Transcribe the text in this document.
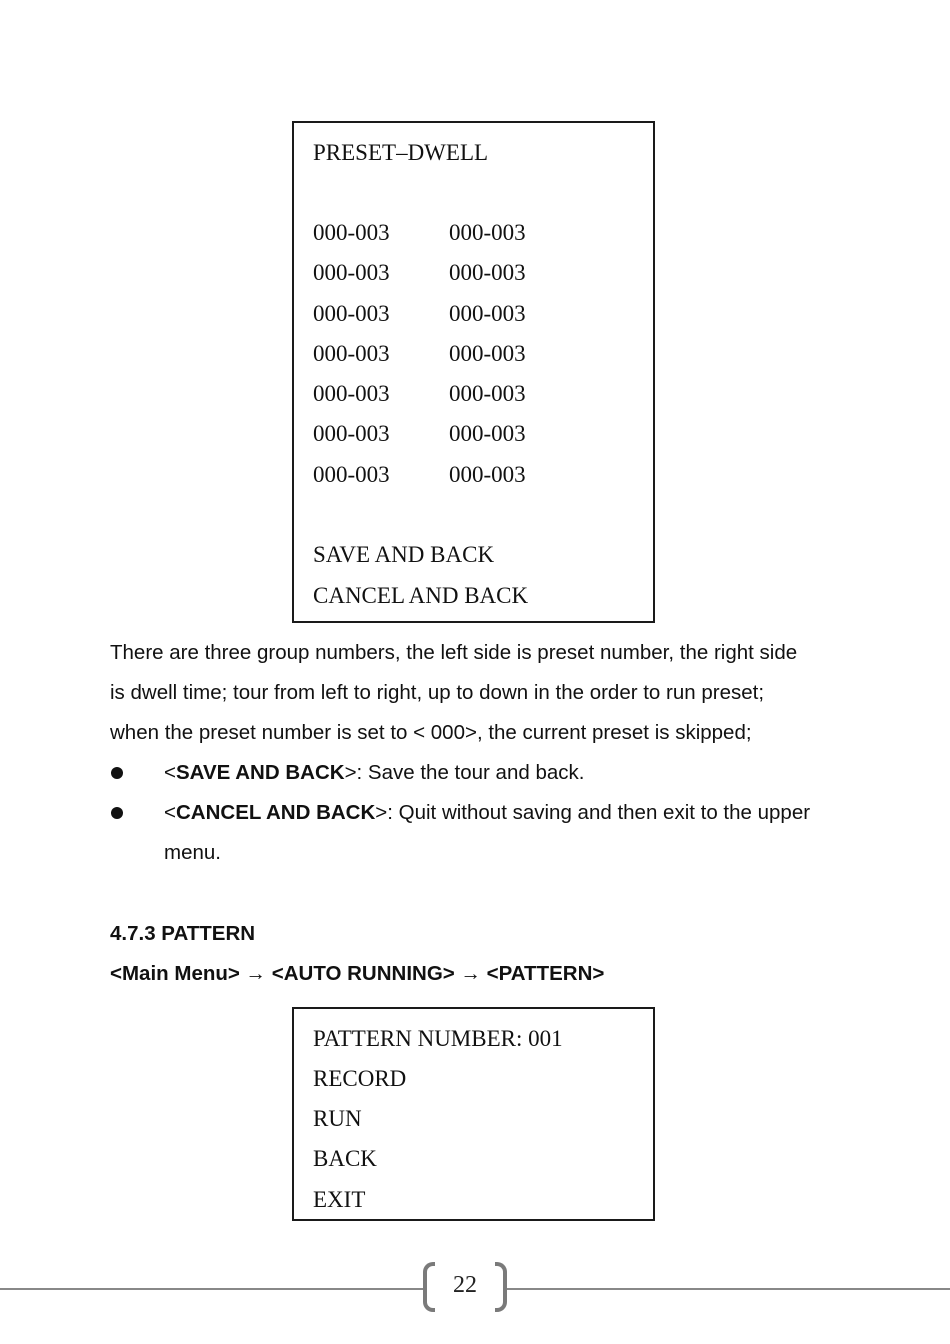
PRESET–DWELL
000-003	000-003
000-003	000-003
000-003	000-003
000-003	000-003
000-003	000-003
000-003	000-003
000-003	000-003
SAVE AND BACK
CANCEL AND BACK
There are three group numbers, the left side is preset number, the right side
is dwell time; tour from left to right, up to down in the order to run preset;
when the preset number is set to < 000>, the current preset is skipped;
<SAVE AND BACK>: Save the tour and back.
<CANCEL AND BACK>: Quit without saving and then exit to the upper
menu.
4.7.3 PATTERN
<Main Menu> → <AUTO RUNNING> → <PATTERN>
PATTERN NUMBER: 001
RECORD
RUN
BACK
EXIT
22
